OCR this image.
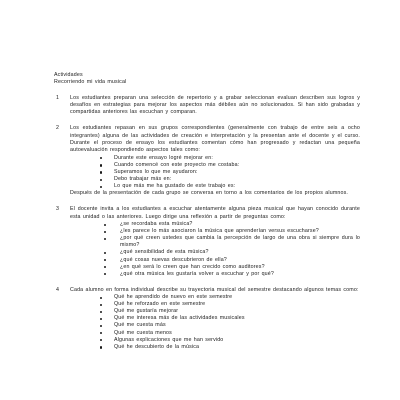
Actividades
Recorriendo mi vida musical
1 Los estudiantes preparan una selección de repertorio y a grabar seleccionan evaluan describen sus logros y desafíos en estrategias para mejorar los aspectos más débiles aún no solucionados. Si han sido grabadas y compartidas anteriores las escuchan y comparan.

2 Los estudiantes repasan en sus grupos correspondientes (generalmente con trabajo de entre seis a ocho integrantes) alguna de las actividades de creación e interpretación y la presentan ante el docente y el curso. Durante el proceso de ensayo los estudiantes comentan cómo han progresado y redactan una pequeña autoevaluación respondiendo aspectos tales como:

Durante este ensayo logré mejorar en:
Cuando comencé con este proyecto me costaba:
Superamos lo que me ayudaron:
Debo trabajar más en:
Lo que más me ha gustado de este trabajo es:

Después de la presentación de cada grupo se conversa en torno a los comentarios de los propios alumnos.

3 El docente invita a los estudiantes a escuchar atentamente alguna pieza musical que hayan conocido durante esta unidad o las anteriores. Luego dirige una reflexión a partir de preguntas como:

¿se recordaba esta música?
¿les parece lo más asociaron la música que aprenderían versus escucharse?
¿por qué creen ustedes que cambia la percepción de largo de una obra si siempre dura lo mismo?
¿qué sensibilidad de esta música?
¿qué cosas nuevas descubrieron de ella?
¿en qué será lo creen que han crecido como auditores?
¿qué otra música les gustaría volver a escuchar y por qué?
4 Cada alumno en forma individual describe su trayectoria musical del semestre destacando algunos temas como:

Qué he aprendido de nuevo en este semestre
Qué he reforzado en este semestre
Qué me gustaría mejorar
Qué me interesa más de las actividades musicales
Qué me cuesta más
Qué me cuesta menos
Algunas explicaciones que me han servido
Qué he descubierto de la música
